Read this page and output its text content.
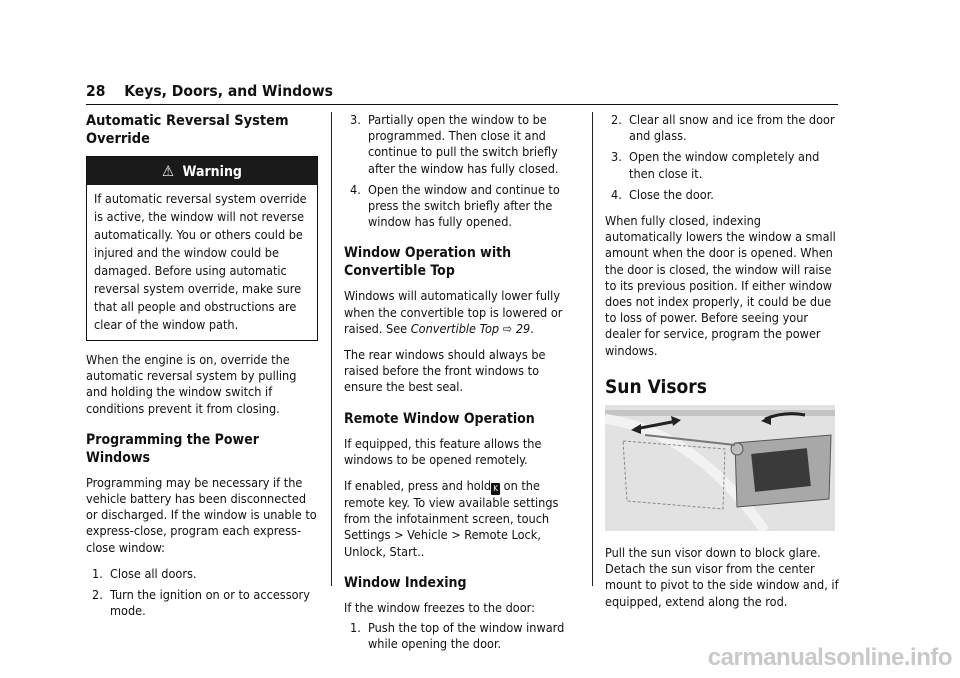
28 Keys, Doors, and Windows
Automatic Reversal System Override
⚠ Warning
If automatic reversal system override is active, the window will not reverse automatically. You or others could be injured and the window could be damaged. Before using automatic reversal system override, make sure that all people and obstructions are clear of the window path.

When the engine is on, override the automatic reversal system by pulling and holding the window switch if conditions prevent it from closing.

Programming the Power Windows

Programming may be necessary if the vehicle battery has been disconnected or discharged. If the window is unable to express-close, program each express-close window:

1. Close all doors.
2. Turn the ignition on or to accessory mode.
3. Partially open the window to be programmed. Then close it and continue to pull the switch briefly after the window has fully closed.
4. Open the window and continue to press the switch briefly after the window has fully opened.
Window Operation with Convertible Top

Windows will automatically lower fully when the convertible top is lowered or raised. See Convertible Top ⇨ 29.

The rear windows should always be raised before the front windows to ensure the best seal.

Remote Window Operation

If equipped, this feature allows the windows to be opened remotely.

If enabled, press and hold K on the remote key. To view available settings from the infotainment screen, touch Settings > Vehicle > Remote Lock, Unlock, Start..

Window Indexing

If the window freezes to the door:

1. Push the top of the window inward while opening the door.
2. Clear all snow and ice from the door and glass.
3. Open the window completely and then close it.
4. Close the door.

When fully closed, indexing automatically lowers the window a small amount when the door is opened. When the door is closed, the window will raise to its previous position. If either window does not index properly, it could be due to loss of power. Before seeing your dealer for service, program the power windows.

Sun Visors

Pull the sun visor down to block glare. Detach the sun visor from the center mount to pivot to the side window and, if equipped, extend along the rod.

carmanualsonline.info
